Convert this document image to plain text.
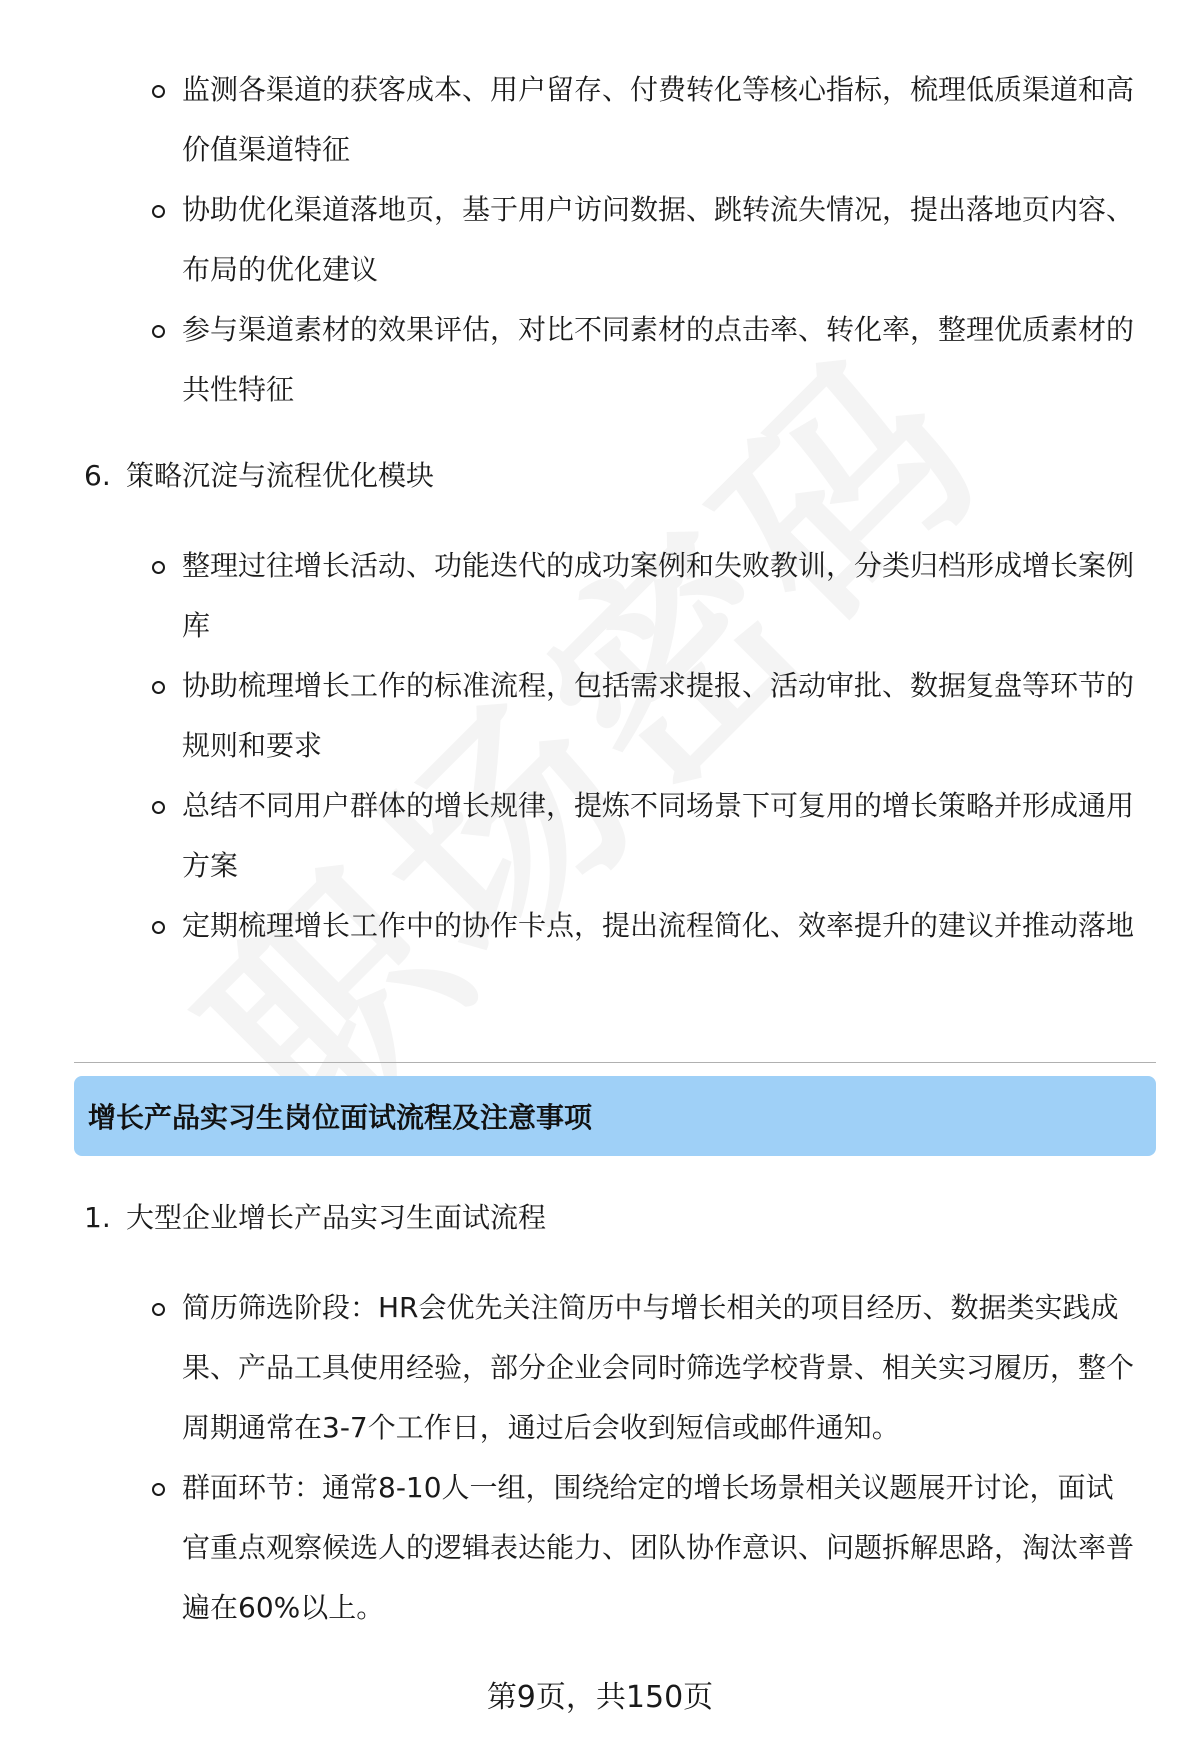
监测各渠道的获客成本、用户留存、付费转化等核心指标，梳理低质渠道和高价值渠道特征
协助优化渠道落地页，基于用户访问数据、跳转流失情况，提出落地页内容、布局的优化建议
参与渠道素材的效果评估，对比不同素材的点击率、转化率，整理优质素材的共性特征
6. 策略沉淀与流程优化模块
整理过往增长活动、功能迭代的成功案例和失败教训，分类归档形成增长案例库
协助梳理增长工作的标准流程，包括需求提报、活动审批、数据复盘等环节的规则和要求
总结不同用户群体的增长规律，提炼不同场景下可复用的增长策略并形成通用方案
定期梳理增长工作中的协作卡点，提出流程简化、效率提升的建议并推动落地
增长产品实习生岗位面试流程及注意事项
1. 大型企业增长产品实习生面试流程
简历筛选阶段：HR会优先关注简历中与增长相关的项目经历、数据类实践成果、产品工具使用经验，部分企业会同时筛选学校背景、相关实习履历，整个周期通常在3-7个工作日，通过后会收到短信或邮件通知。
群面环节：通常8-10人一组，围绕给定的增长场景相关议题展开讨论，面试官重点观察候选人的逻辑表达能力、团队协作意识、问题拆解思路，淘汰率普遍在60%以上。
第9页，共150页
